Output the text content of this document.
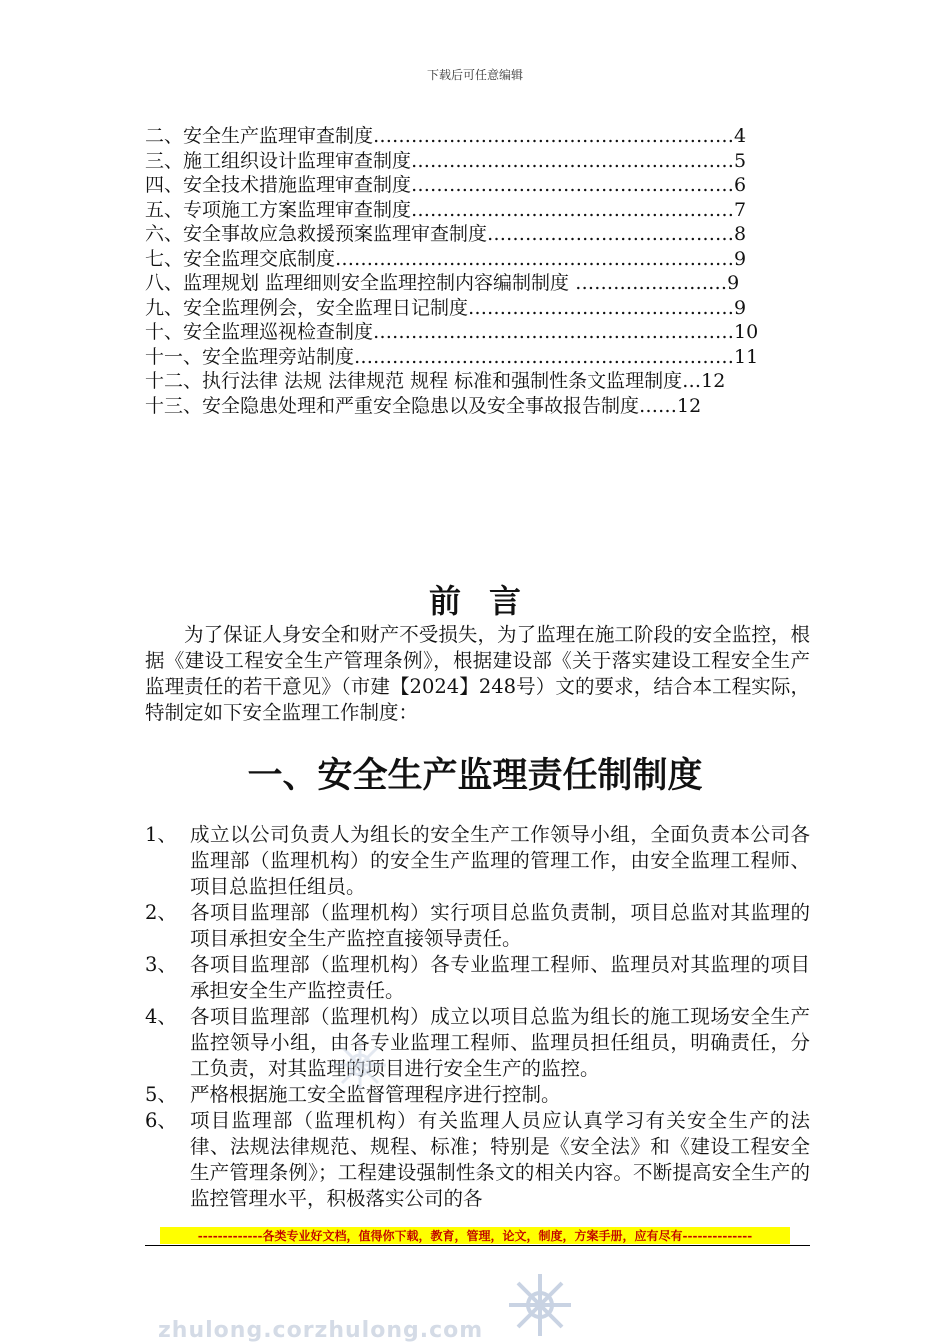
下载后可任意编辑
二、安全生产监理审查制度…………………………………………………4
三、施工组织设计监理审查制度……………………………………………5
四、安全技术措施监理审查制度……………………………………………6
五、专项施工方案监理审查制度……………………………………………7
六、安全事故应急救援预案监理审查制度…………………………………8
七、安全监理交底制度………………………………………………………9
八、监理规划 监理细则安全监理控制内容编制制度 ……………………9
九、安全监理例会，安全监理日记制度……………………………………9
十、安全监理巡视检查制度…………………………………………………10
十一、安全监理旁站制度……………………………………………………11
十二、执行法律 法规 法律规范 规程 标准和强制性条文监理制度…12
十三、安全隐患处理和严重安全隐患以及安全事故报告制度……12
前言
为了保证人身安全和财产不受损失，为了监理在施工阶段的安全监控，根据《建设工程安全生产管理条例》，根据建设部《关于落实建设工程安全生产监理责任的若干意见》（市建【2024】248号）文的要求，结合本工程实际，特制定如下安全监理工作制度：
一、安全生产监理责任制制度
1、 成立以公司负责人为组长的安全生产工作领导小组，全面负责本公司各监理部（监理机构）的安全生产监理的管理工作，由安全监理工程师、项目总监担任组员。
2、 各项目监理部（监理机构）实行项目总监负责制，项目总监对其监理的项目承担安全生产监控直接领导责任。
3、 各项目监理部（监理机构）各专业监理工程师、监理员对其监理的项目承担安全生产监控责任。
4、 各项目监理部（监理机构）成立以项目总监为组长的施工现场安全生产监控领导小组，由各专业监理工程师、监理员担任组员，明确责任，分工负责，对其监理的项目进行安全生产的监控。
5、 严格根据施工安全监督管理程序进行控制。
6、 项目监理部（监理机构）有关监理人员应认真学习有关安全生产的法律、法规法律规范、规程、标准；特别是《安全法》和《建设工程安全生产管理条例》；工程建设强制性条文的相关内容。不断提高安全生产的监控管理水平，积极落实公司的各
-------------各类专业好文档，值得你下载，教育，管理，论文，制度，方案手册，应有尽有--------------
zhulong.corzhulong.com
